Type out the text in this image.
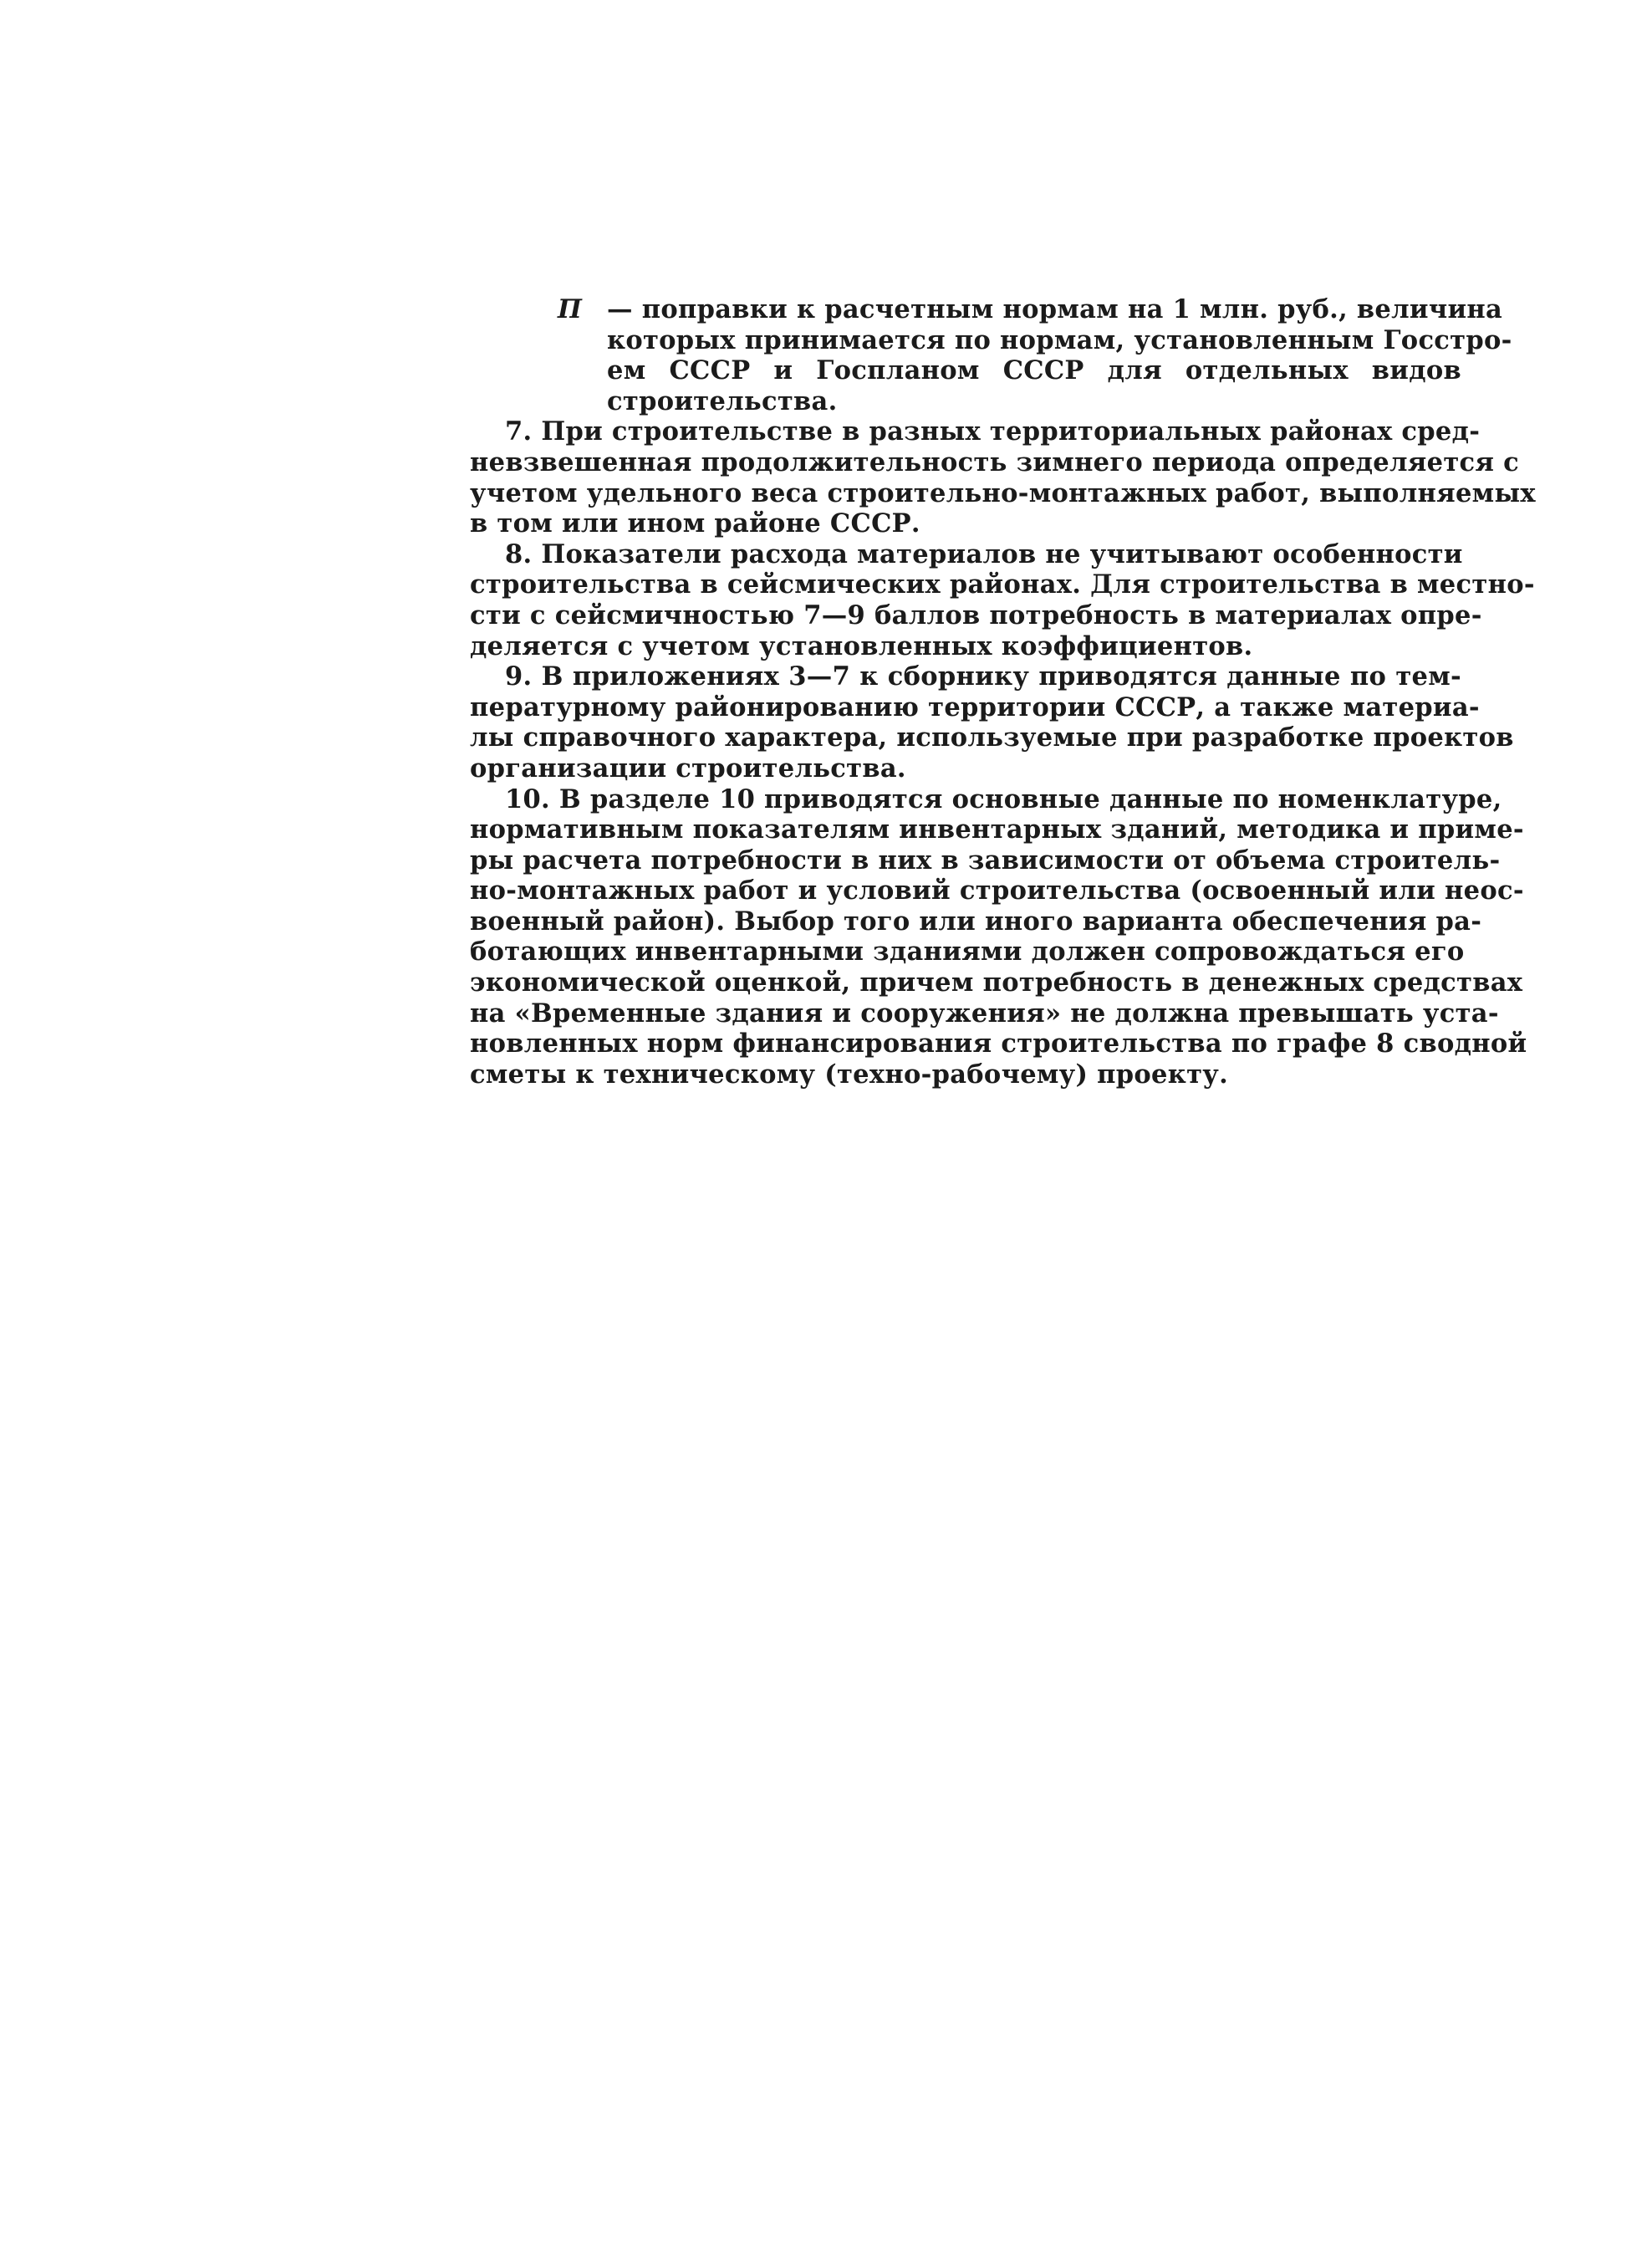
П — поправки к расчетным нормам на 1 млн. руб., величина
которых принимается по нормам, установленным Госстро-
ем СССР и Госпланом СССР для отдельных видов
строительства.
7. При строительстве в разных территориальных районах сред-
невзвешенная продолжительность зимнего периода определяется с
учетом удельного веса строительно-монтажных работ, выполняемых
в том или ином районе СССР.
8. Показатели расхода материалов не учитывают особенности
строительства в сейсмических районах. Для строительства в местно-
сти с сейсмичностью 7—9 баллов потребность в материалах опре-
деляется с учетом установленных коэффициентов.
9. В приложениях 3—7 к сборнику приводятся данные по тем-
пературному районированию территории СССР, а также материа-
лы справочного характера, используемые при разработке проектов
организации строительства.
10. В разделе 10 приводятся основные данные по номенклатуре,
нормативным показателям инвентарных зданий, методика и приме-
ры расчета потребности в них в зависимости от объема строитель-
но-монтажных работ и условий строительства (освоенный или неос-
военный район). Выбор того или иного варианта обеспечения ра-
ботающих инвентарными зданиями должен сопровождаться его
экономической оценкой, причем потребность в денежных средствах
на «Временные здания и сооружения» не должна превышать уста-
новленных норм финансирования строительства по графе 8 сводной
сметы к техническому (техно-рабочему) проекту.
